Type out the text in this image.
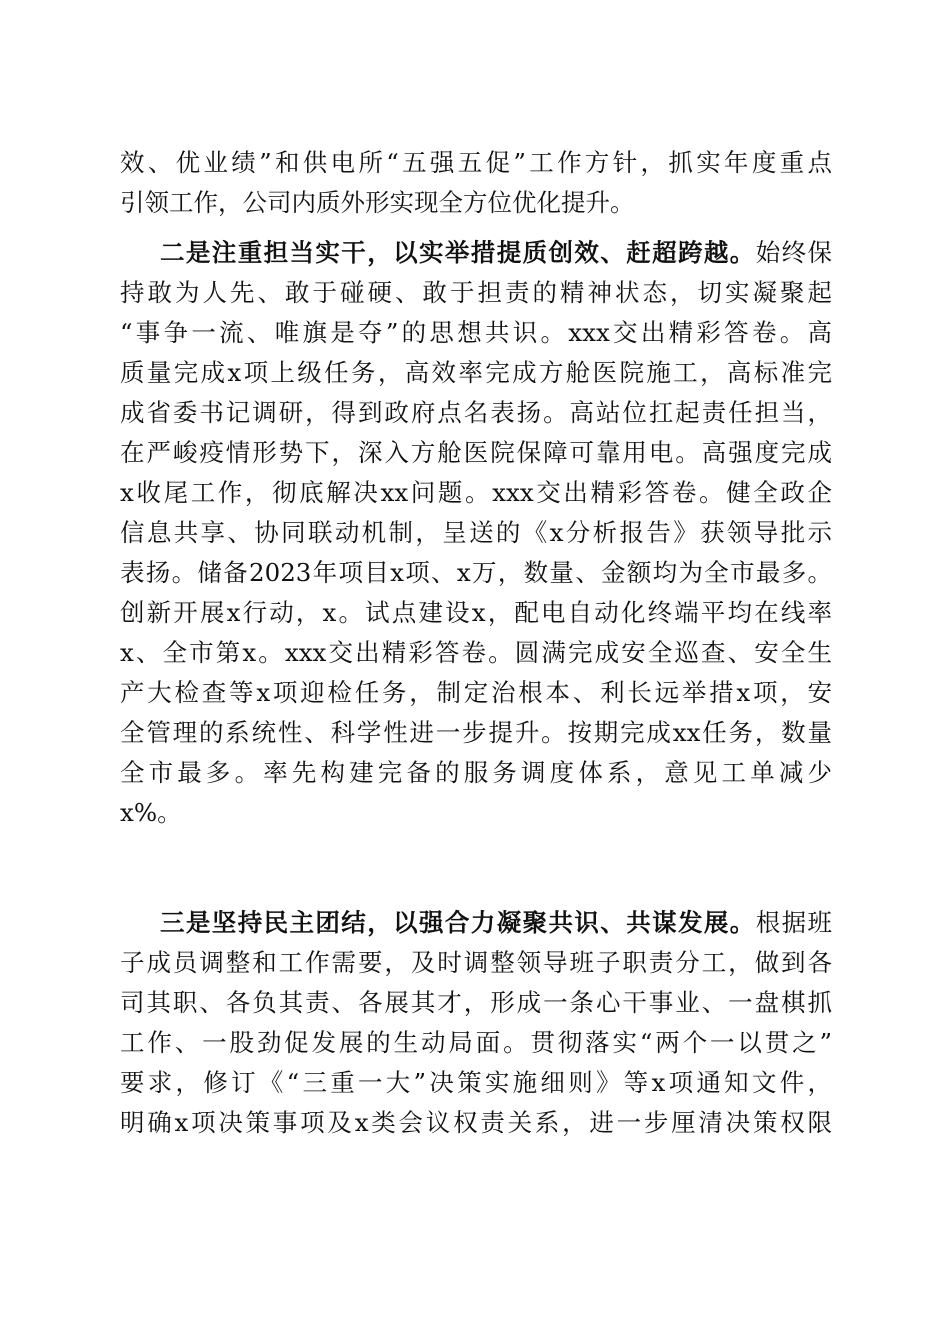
效、优业绩”和供电所“五强五促”工作方针，抓实年度重点
引领工作，公司内质外形实现全方位优化提升。
二是注重担当实干，以实举措提质创效、赶超跨越。始终保
持敢为人先、敢于碰硬、敢于担责的精神状态，切实凝聚起
“事争一流、唯旗是夺”的思想共识。xxx交出精彩答卷。高
质量完成x项上级任务，高效率完成方舱医院施工，高标准完
成省委书记调研，得到政府点名表扬。高站位扛起责任担当，
在严峻疫情形势下，深入方舱医院保障可靠用电。高强度完成
x收尾工作，彻底解决xx问题。xxx交出精彩答卷。健全政企
信息共享、协同联动机制，呈送的《x分析报告》获领导批示
表扬。储备2023年项目x项、x万，数量、金额均为全市最多。
创新开展x行动，x。试点建设x，配电自动化终端平均在线率
x、全市第x。xxx交出精彩答卷。圆满完成安全巡查、安全生
产大检查等x项迎检任务，制定治根本、利长远举措x项，安
全管理的系统性、科学性进一步提升。按期完成xx任务，数量
全市最多。率先构建完备的服务调度体系，意见工单减少
x%。
三是坚持民主团结，以强合力凝聚共识、共谋发展。根据班
子成员调整和工作需要，及时调整领导班子职责分工，做到各
司其职、各负其责、各展其才，形成一条心干事业、一盘棋抓
工作、一股劲促发展的生动局面。贯彻落实“两个一以贯之”
要求，修订《“三重一大”决策实施细则》等x项通知文件，
明确x项决策事项及x类会议权责关系，进一步厘清决策权限
